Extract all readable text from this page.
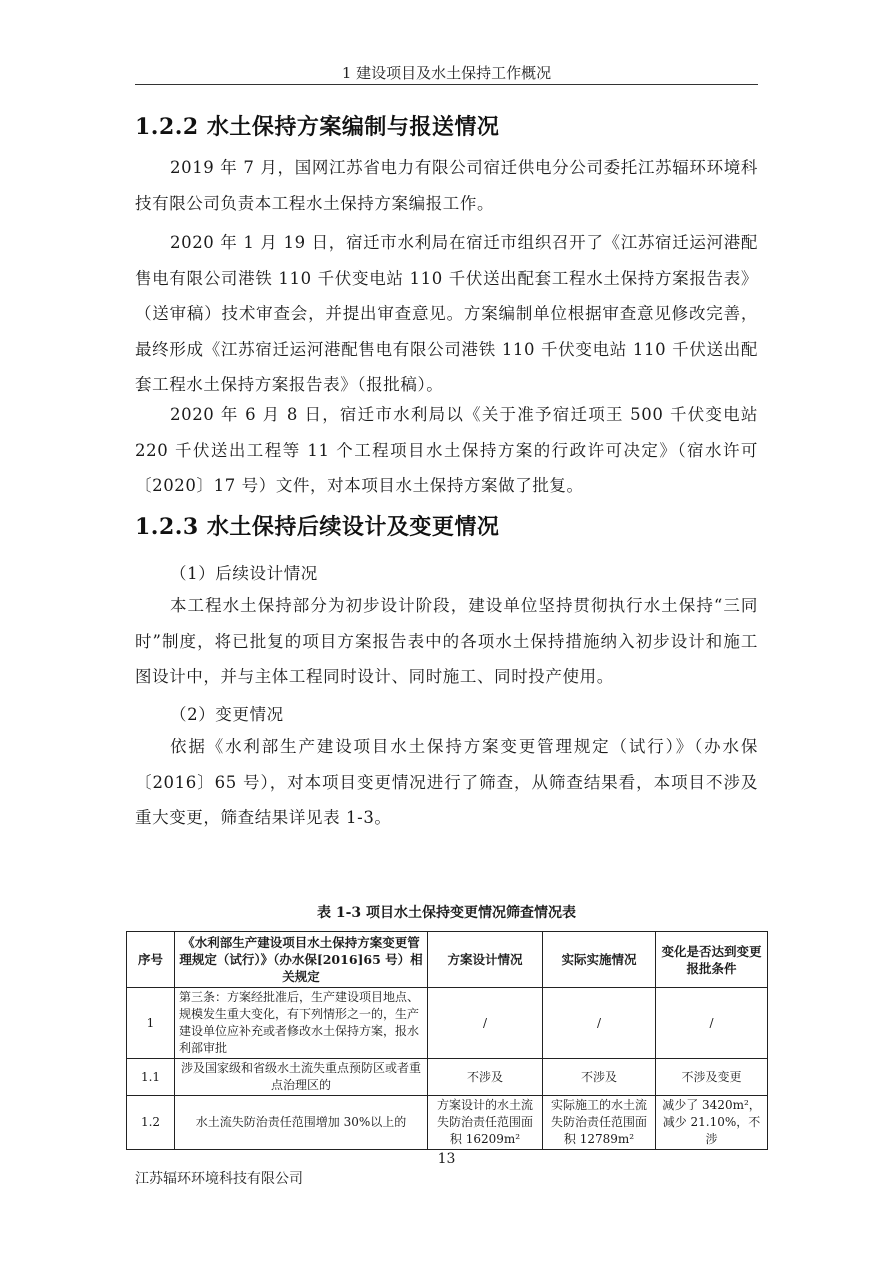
1 建设项目及水土保持工作概况
1.2.2 水土保持方案编制与报送情况

2019 年 7 月，国网江苏省电力有限公司宿迁供电分公司委托江苏辐环环境科技有限公司负责本工程水土保持方案编报工作。

2020 年 1 月 19 日，宿迁市水利局在宿迁市组织召开了《江苏宿迁运河港配售电有限公司港铁 110 千伏变电站 110 千伏送出配套工程水土保持方案报告表》（送审稿）技术审查会，并提出审查意见。方案编制单位根据审查意见修改完善，最终形成《江苏宿迁运河港配售电有限公司港铁 110 千伏变电站 110 千伏送出配套工程水土保持方案报告表》（报批稿）。

2020 年 6 月 8 日，宿迁市水利局以《关于准予宿迁项王 500 千伏变电站 220 千伏送出工程等 11 个工程项目水土保持方案的行政许可决定》（宿水许可〔2020〕17 号）文件，对本项目水土保持方案做了批复。

1.2.3 水土保持后续设计及变更情况

（1）后续设计情况

本工程水土保持部分为初步设计阶段，建设单位坚持贯彻执行水土保持“三同时”制度，将已批复的项目方案报告表中的各项水土保持措施纳入初步设计和施工图设计中，并与主体工程同时设计、同时施工、同时投产使用。

（2）变更情况

依据《水利部生产建设项目水土保持方案变更管理规定（试行）》（办水保〔2016〕65 号），对本项目变更情况进行了筛查，从筛查结果看，本项目不涉及重大变更，筛查结果详见表 1-3。

表 1-3 项目水土保持变更情况筛查情况表
序号	《水利部生产建设项目水土保持方案变更管理规定（试行）》（办水保[2016]65 号）相关规定	方案设计情况	实际实施情况	变化是否达到变更报批条件
1	第三条：方案经批准后，生产建设项目地点、规模发生重大变化，有下列情形之一的，生产建设单位应补充或者修改水土保持方案，报水利部审批	/	/	/
1.1	涉及国家级和省级水土流失重点预防区或者重点治理区的	不涉及	不涉及	不涉及变更
1.2	水土流失防治责任范围增加 30%以上的	方案设计的水土流失防治责任范围面积 16209m²	实际施工的水土流失防治责任范围面积 12789m²	减少了 3420m²，减少 21.10%，不涉
13
江苏辐环环境科技有限公司
